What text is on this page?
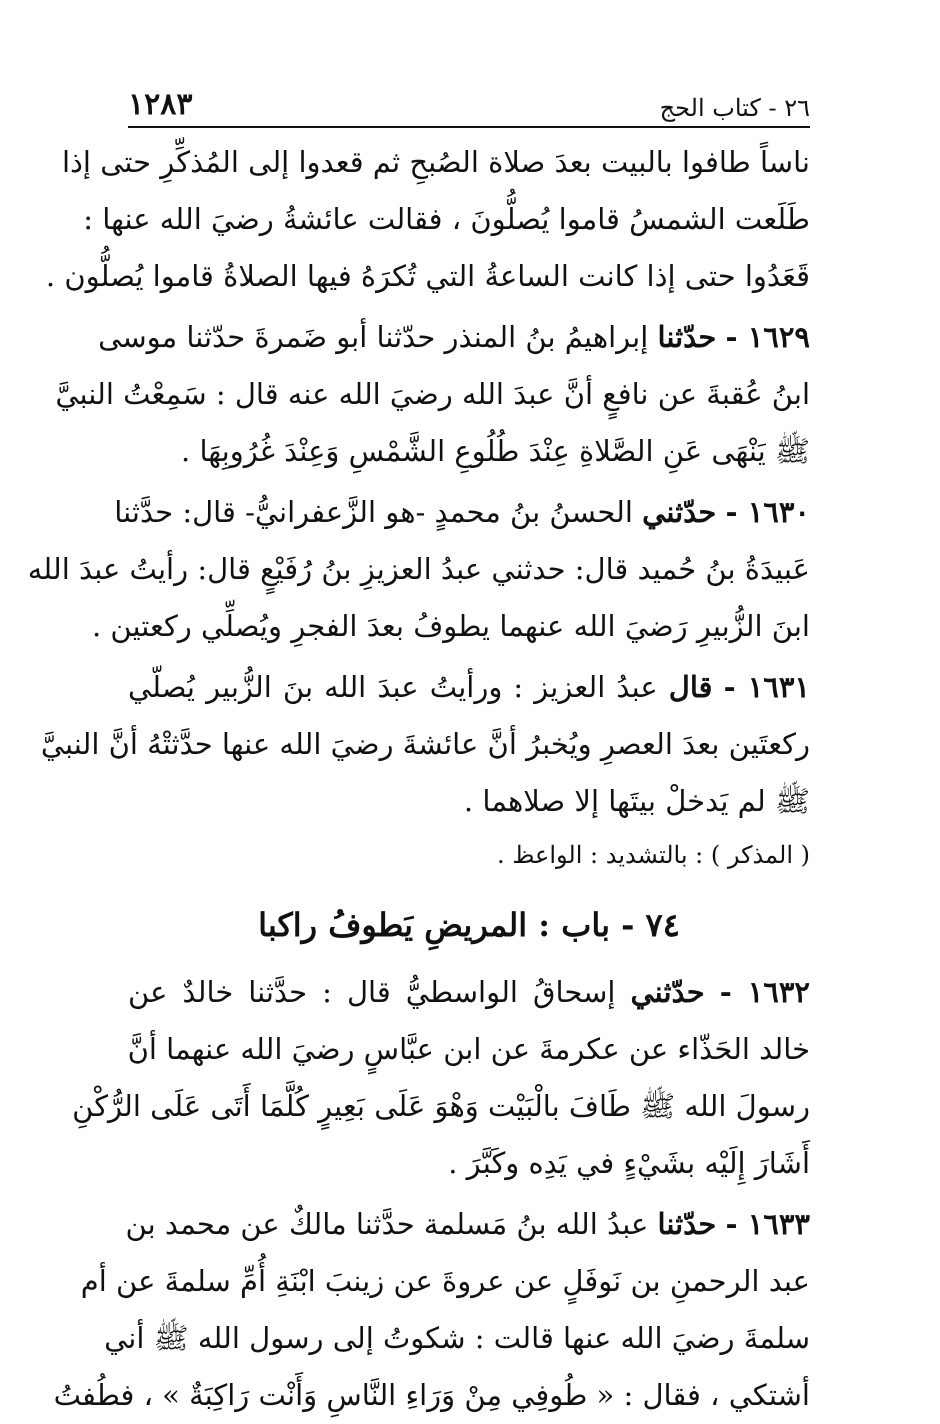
٢٦ - كتاب الحج
١٢٨٣
ناساً طافوا بالبيت بعدَ صلاة الصُبحِ ثم قعدوا إلى المُذكِّرِ حتى إذا
طَلَعت الشمسُ قاموا يُصلُّونَ ، فقالت عائشةُ رضيَ الله عنها :
قَعَدُوا حتى إذا كانت الساعةُ التي تُكرَهُ فيها الصلاةُ قاموا يُصلُّون .
١٦٢٩ - حدّثنا إبراهيمُ بنُ المنذر حدّثنا أبو ضَمرةَ حدّثنا موسى
ابنُ عُقبةَ عن نافعٍ أنَّ عبدَ الله رضيَ الله عنه قال : سَمِعْتُ النبيَّ
ﷺ يَنْهَى عَنِ الصَّلاةِ عِنْدَ طُلُوعِ الشَّمْسِ وَعِنْدَ غُرُوبِهَا .
١٦٣٠ - حدّثني الحسنُ بنُ محمدٍ -هو الزَّعفرانيُّ- قال: حدَّثنا
عَبيدَةُ بنُ حُميد قال: حدثني عبدُ العزيزِ بنُ رُفَيْعٍ قال: رأيتُ عبدَ الله
ابنَ الزُّبيرِ رَضيَ الله عنهما يطوفُ بعدَ الفجرِ ويُصلِّي ركعتين .
١٦٣١ - قال عبدُ العزيز : ورأيتُ عبدَ الله بنَ الزُّبير يُصلّي
ركعتَين بعدَ العصرِ ويُخبرُ أنَّ عائشةَ رضيَ الله عنها حدَّثتْهُ أنَّ النبيَّ
ﷺ لم يَدخلْ بيتَها إلا صلاهما .
( المذكر ) : بالتشديد : الواعظ .
٧٤ - باب : المريضِ يَطوفُ راكبا
١٦٣٢ - حدّثني إسحاقُ الواسطيُّ قال : حدَّثنا خالدٌ عن
خالد الحَذّاء عن عكرمةَ عن ابن عبَّاسٍ رضيَ الله عنهما أنَّ
رسولَ الله ﷺ طَافَ بالْبَيْت وَهْوَ عَلَى بَعِيرٍ كُلَّمَا أَتَى عَلَى الرُّكْنِ
أَشَارَ إِلَيْه بشَيْءٍ في يَدِه وكَبَّرَ .
١٦٣٣ - حدّثنا عبدُ الله بنُ مَسلمة حدَّثنا مالكٌ عن محمد بن
عبد الرحمنِ بن نَوفَلٍ عن عروةَ عن زينبَ ابْنَةِ أُمِّ سلمةَ عن أم
سلمةَ رضيَ الله عنها قالت : شكوتُ إلى رسول الله ﷺ أني
أشتكي ، فقال : « طُوفِي مِنْ وَرَاءِ النَّاسِ وَأَنْت رَاكِبَةٌ » ، فطُفتُ
